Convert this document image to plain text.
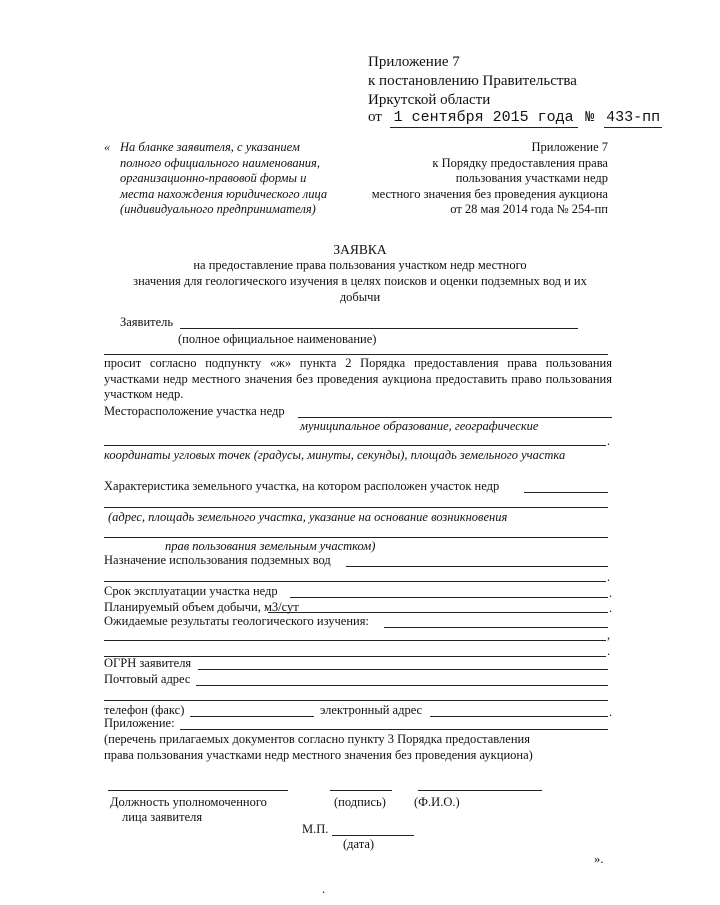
Приложение 7
к постановлению Правительства
Иркутской области
от 1 сентября 2015 года № 433-пп
« На бланке заявителя, с указанием
полного официального наименования,
организационно-правовой формы и
места нахождения юридического лица
(индивидуального предпринимателя)
Приложение 7
к Порядку предоставления права
пользования участками недр
местного значения без проведения аукциона
от 28 мая 2014 года № 254-пп
ЗАЯВКА
на предоставление права пользования участком недр местного
значения для геологического изучения в целях поисков и оценки подземных вод и их
добычи
Заявитель
(полное официальное наименование)
просит согласно подпункту «ж» пункта 2 Порядка предоставления права пользования участками недр местного значения без проведения аукциона предоставить право пользования участком недр.
Месторасположение участка недр
муниципальное образование, географические
.
координаты угловых точек (градусы, минуты, секунды), площадь земельного участка
Характеристика земельного участка, на котором расположен участок недр
(адрес, площадь земельного участка, указание на основание возникновения
прав пользования земельным участком)
Назначение использования подземных вод
.
Срок эксплуатации участка недр	.
Планируемый объем добычи, м3/сут	.
Ожидаемые результаты геологического изучения:
,
.
ОГРН заявителя
Почтовый адрес
телефон (факс)	электронный адрес	.
Приложение:
(перечень прилагаемых документов согласно пункту 3 Порядка предоставления
права пользования участками недр местного значения без проведения аукциона)
Должность уполномоченного
лица заявителя
(подпись) (Ф.И.О.)
М.П.
(дата)
».
.
